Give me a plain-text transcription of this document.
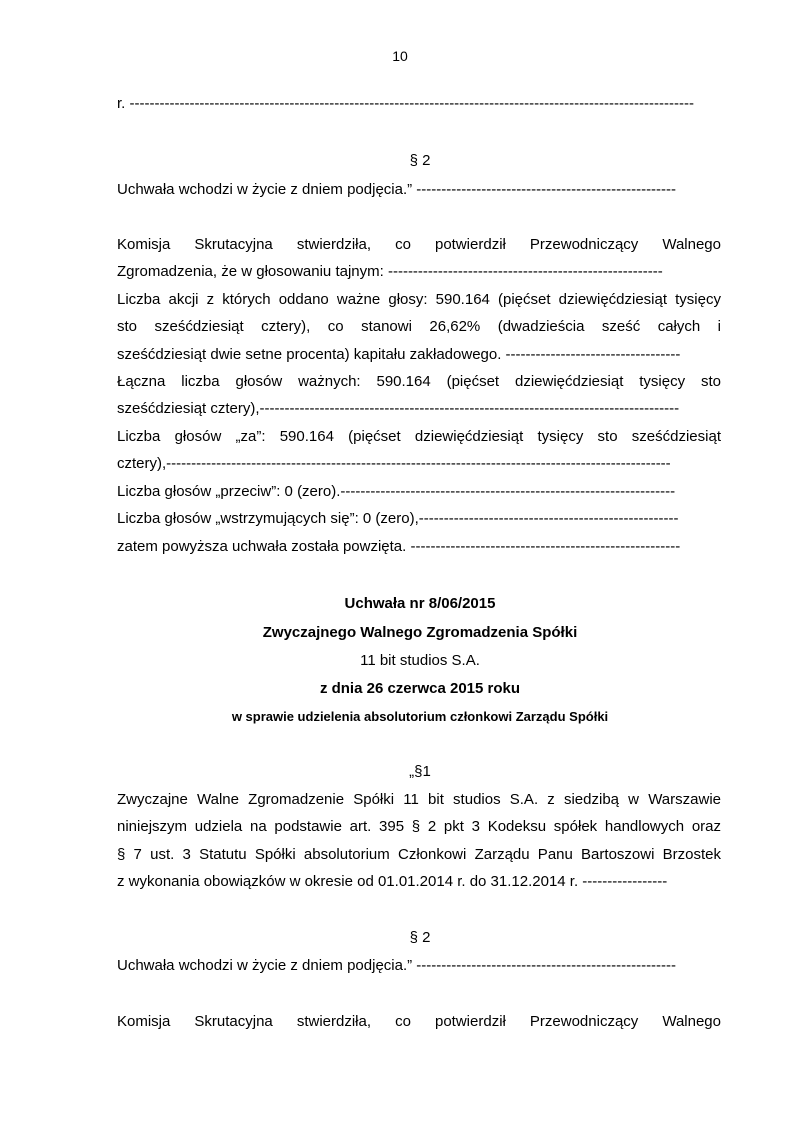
10
r. -----------------------------------------------------------------------------------------------------------------
§ 2
Uchwała wchodzi w życie z dniem podjęcia.” ----------------------------------------------------
Komisja Skrutacyjna stwierdziła, co potwierdził Przewodniczący Walnego
Zgromadzenia, że w głosowaniu tajnym: -------------------------------------------------------
Liczba akcji z których oddano ważne głosy: 590.164 (pięćset dziewięćdziesiąt tysięcy
sto sześćdziesiąt cztery), co stanowi 26,62% (dwadzieścia sześć całych i
sześćdziesiąt dwie setne procenta) kapitału zakładowego. -----------------------------------
Łączna liczba głosów ważnych: 590.164 (pięćset dziewięćdziesiąt tysięcy sto
sześćdziesiąt cztery),------------------------------------------------------------------------------------
Liczba głosów „za”: 590.164 (pięćset dziewięćdziesiąt tysięcy sto sześćdziesiąt
cztery),-----------------------------------------------------------------------------------------------------
Liczba głosów „przeciw”: 0 (zero).-------------------------------------------------------------------
Liczba głosów „wstrzymujących się”: 0 (zero),----------------------------------------------------
zatem powyższa uchwała została powzięta. ------------------------------------------------------
Uchwała nr 8/06/2015
Zwyczajnego Walnego Zgromadzenia Spółki
11 bit studios S.A.
z dnia 26 czerwca 2015 roku
w sprawie udzielenia absolutorium członkowi Zarządu Spółki
„§1
Zwyczajne Walne Zgromadzenie Spółki 11 bit studios S.A. z siedzibą w Warszawie
niniejszym udziela na podstawie art. 395 § 2 pkt 3 Kodeksu spółek handlowych oraz
§ 7 ust. 3 Statutu Spółki absolutorium Członkowi Zarządu Panu Bartoszowi Brzostek
z wykonania obowiązków w okresie od 01.01.2014 r. do 31.12.2014 r. -----------------
§ 2
Uchwała wchodzi w życie z dniem podjęcia.” ----------------------------------------------------
Komisja Skrutacyjna stwierdziła, co potwierdził Przewodniczący Walnego
